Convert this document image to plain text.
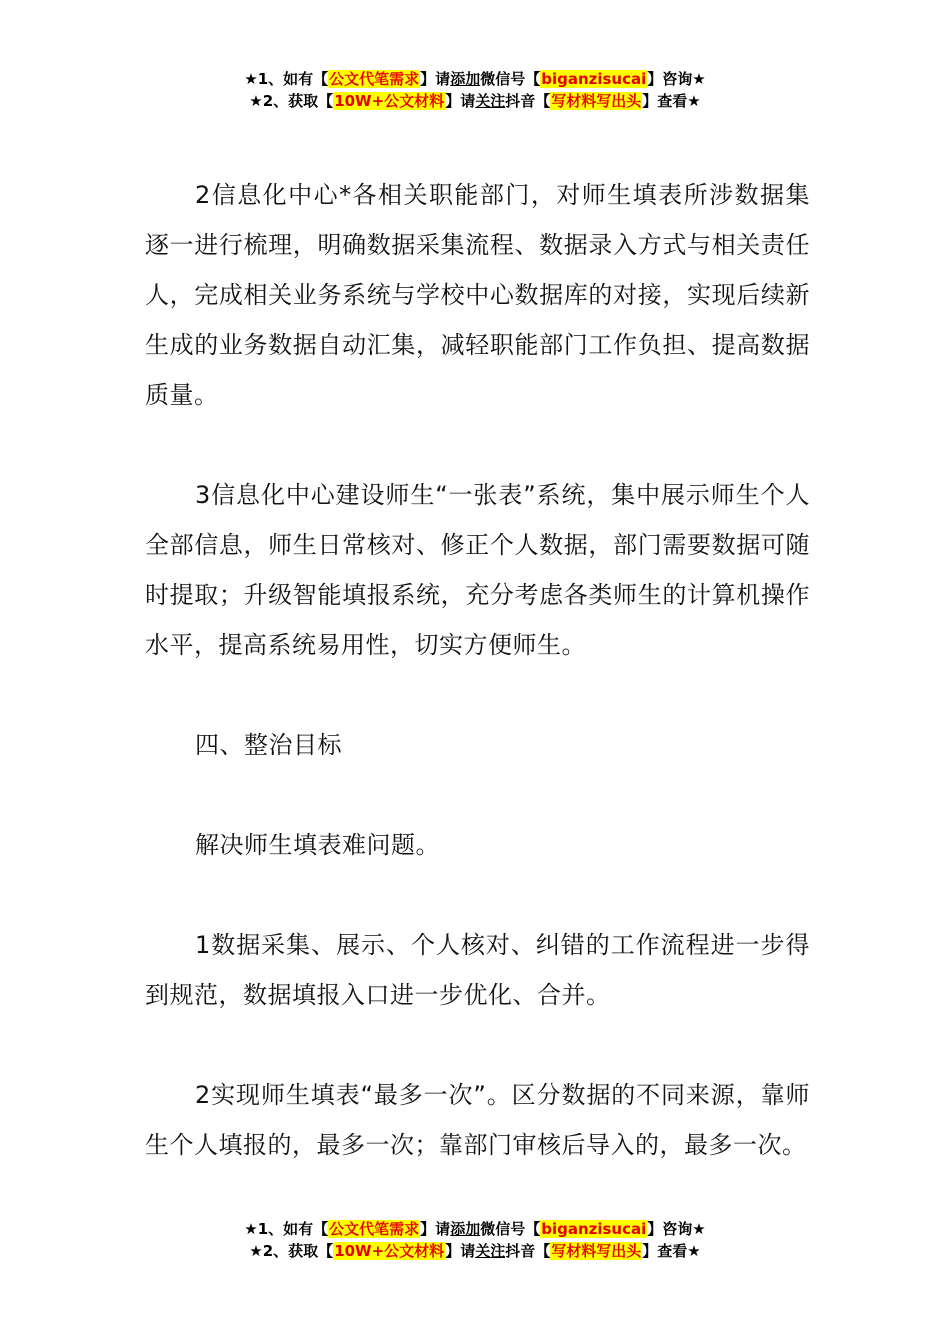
★1、如有【公文代笔需求】请添加微信号【biganzisucai】咨询★
★2、获取【10W+公文材料】请关注抖音【写材料写出头】查看★

2信息化中心*各相关职能部门，对师生填表所涉数据集逐一进行梳理，明确数据采集流程、数据录入方式与相关责任人，完成相关业务系统与学校中心数据库的对接，实现后续新生成的业务数据自动汇集，减轻职能部门工作负担、提高数据质量。

3信息化中心建设师生“一张表”系统，集中展示师生个人全部信息，师生日常核对、修正个人数据，部门需要数据可随时提取；升级智能填报系统，充分考虑各类师生的计算机操作水平，提高系统易用性，切实方便师生。

四、整治目标

解决师生填表难问题。

1数据采集、展示、个人核对、纠错的工作流程进一步得到规范，数据填报入口进一步优化、合并。

2实现师生填表“最多一次”。区分数据的不同来源，靠师生个人填报的，最多一次；靠部门审核后导入的，最多一次。

★1、如有【公文代笔需求】请添加微信号【biganzisucai】咨询★
★2、获取【10W+公文材料】请关注抖音【写材料写出头】查看★
